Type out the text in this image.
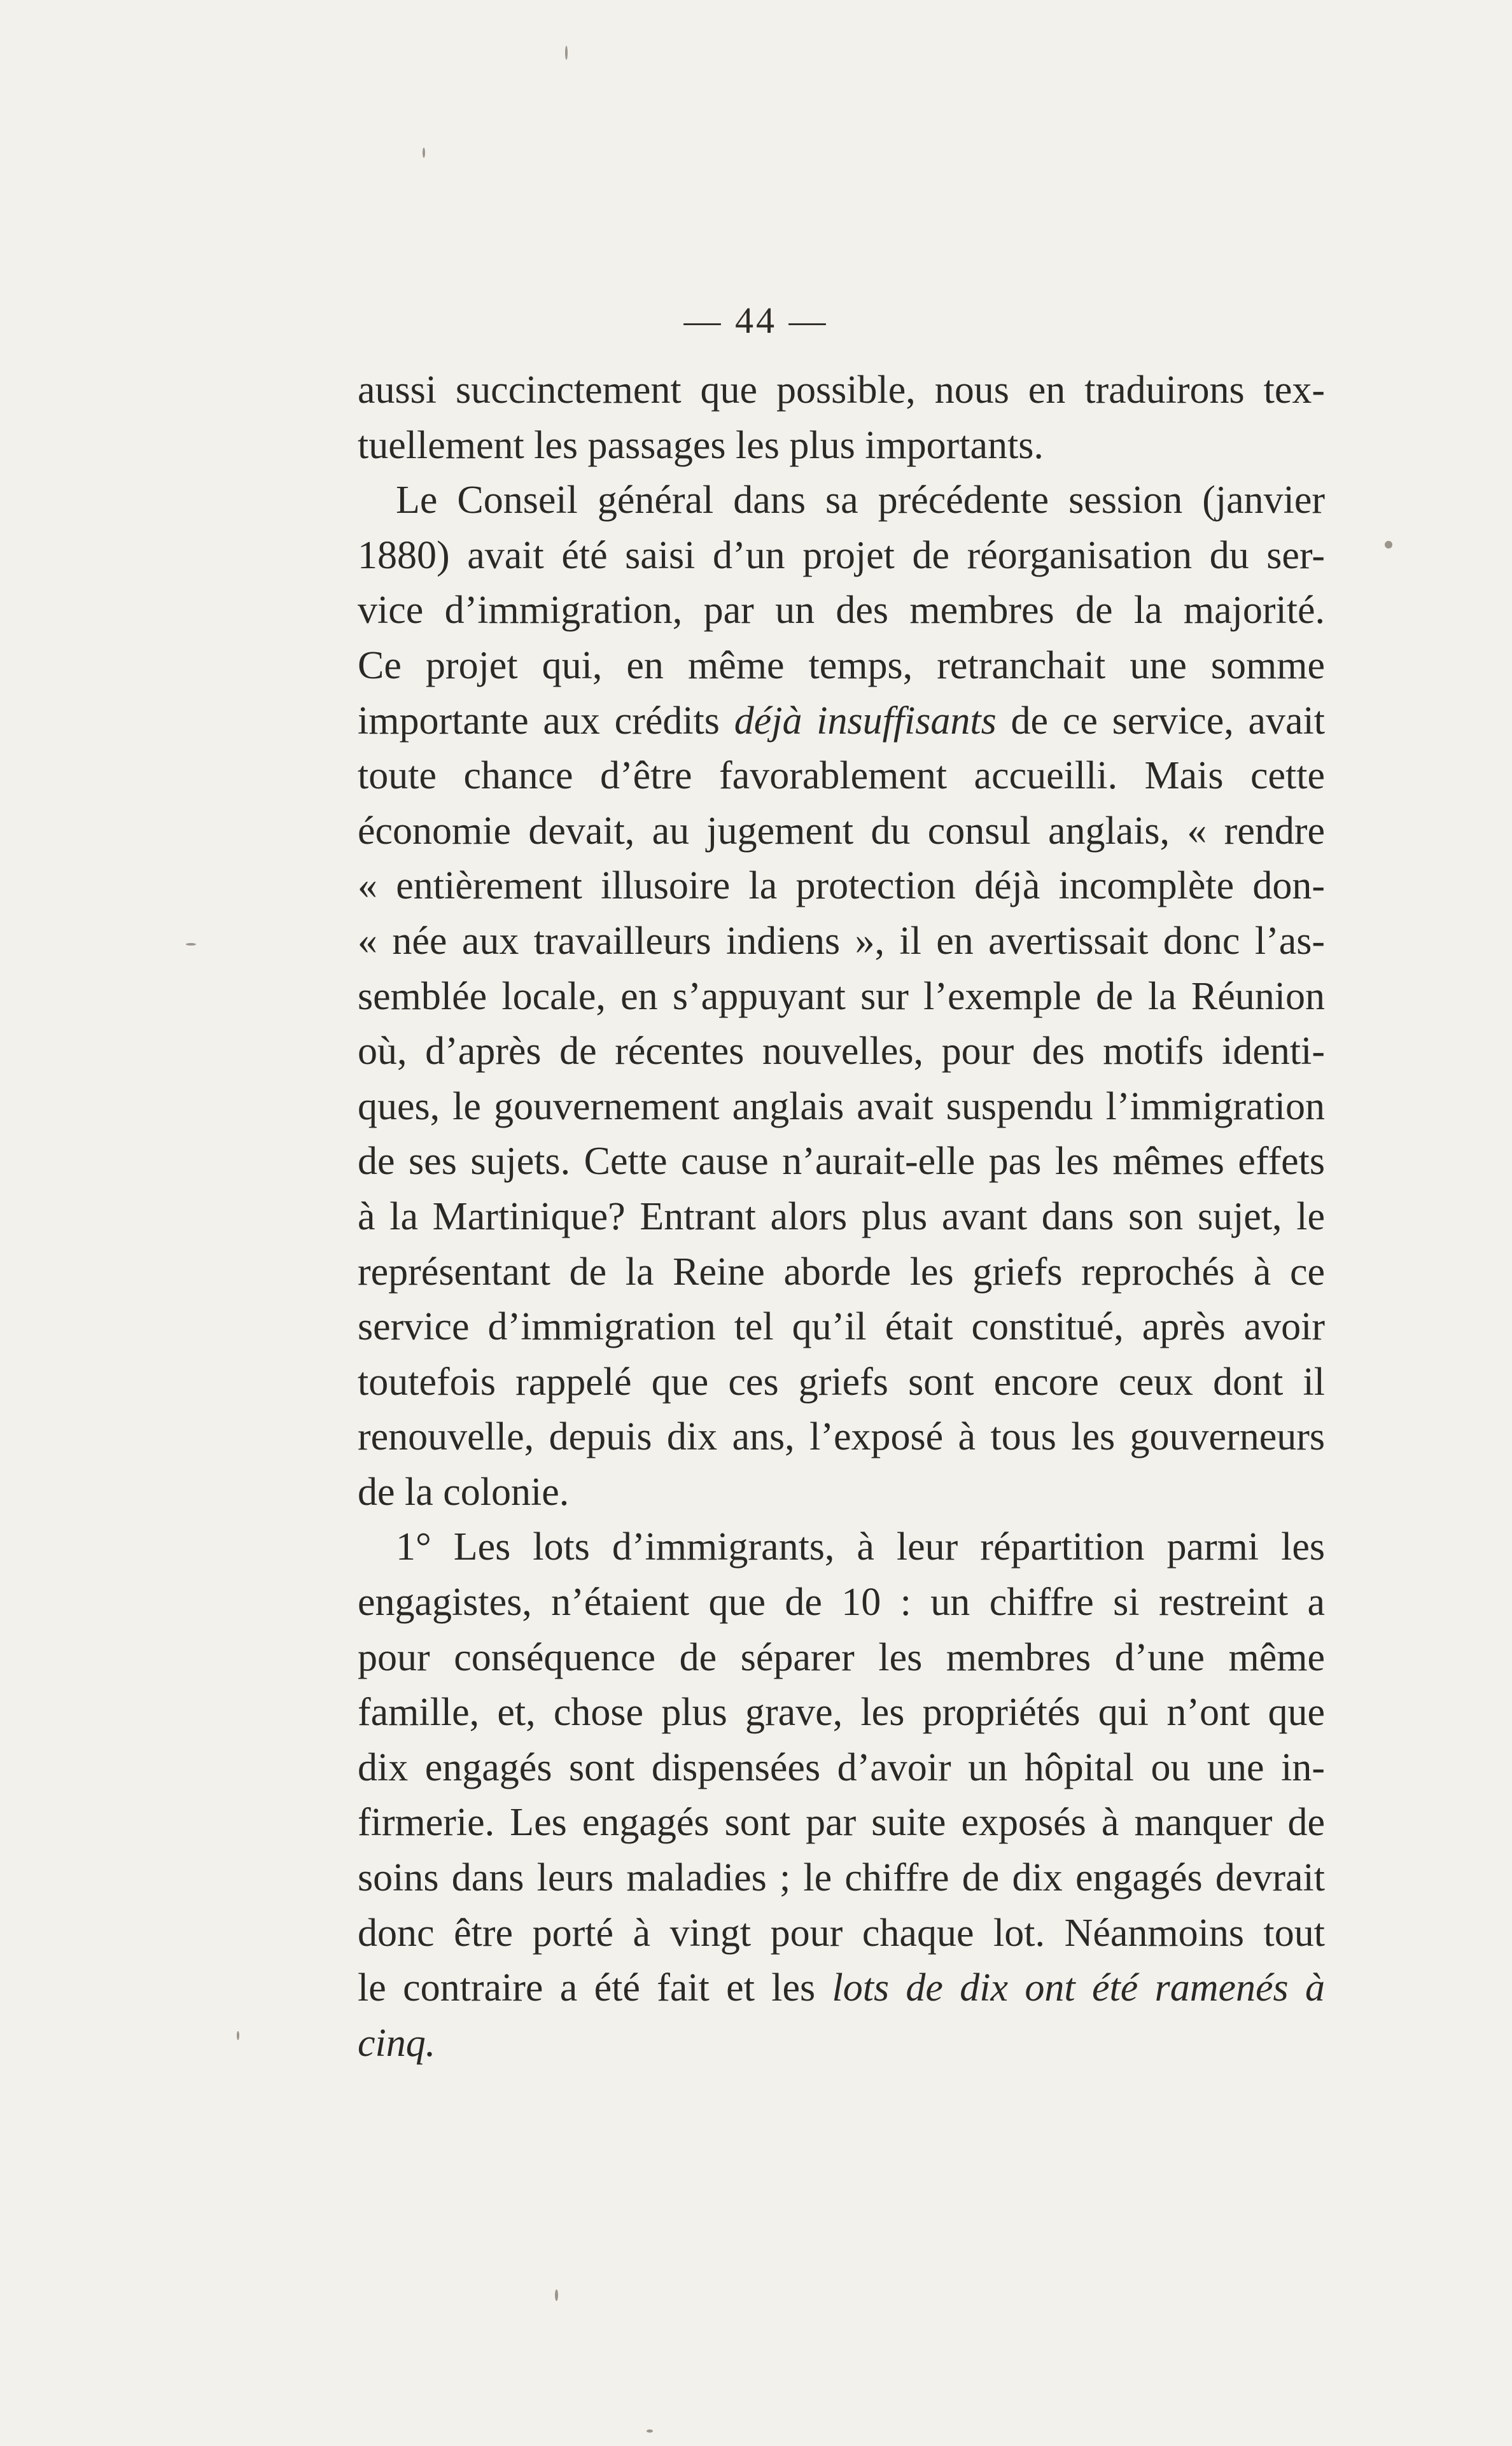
— 44 —
aussi succinctement que possible, nous en traduirons tex-
tuellement les passages les plus importants.
Le Conseil général dans sa précédente session (janvier
1880) avait été saisi d’un projet de réorganisation du ser-
vice d’immigration, par un des membres de la majorité.
Ce projet qui, en même temps, retranchait une somme
importante aux crédits déjà insuffisants de ce service, avait
toute chance d’être favorablement accueilli. Mais cette
économie devait, au jugement du consul anglais, « rendre
« entièrement illusoire la protection déjà incomplète don-
« née aux travailleurs indiens », il en avertissait donc l’as-
semblée locale, en s’appuyant sur l’exemple de la Réunion
où, d’après de récentes nouvelles, pour des motifs identi-
ques, le gouvernement anglais avait suspendu l’immigration
de ses sujets. Cette cause n’aurait-elle pas les mêmes effets
à la Martinique? Entrant alors plus avant dans son sujet, le
représentant de la Reine aborde les griefs reprochés à ce
service d’immigration tel qu’il était constitué, après avoir
toutefois rappelé que ces griefs sont encore ceux dont il
renouvelle, depuis dix ans, l’exposé à tous les gouverneurs
de la colonie.
1° Les lots d’immigrants, à leur répartition parmi les
engagistes, n’étaient que de 10 : un chiffre si restreint a
pour conséquence de séparer les membres d’une même
famille, et, chose plus grave, les propriétés qui n’ont que
dix engagés sont dispensées d’avoir un hôpital ou une in-
firmerie. Les engagés sont par suite exposés à manquer de
soins dans leurs maladies ; le chiffre de dix engagés devrait
donc être porté à vingt pour chaque lot. Néanmoins tout
le contraire a été fait et les lots de dix ont été ramenés à
cinq.
